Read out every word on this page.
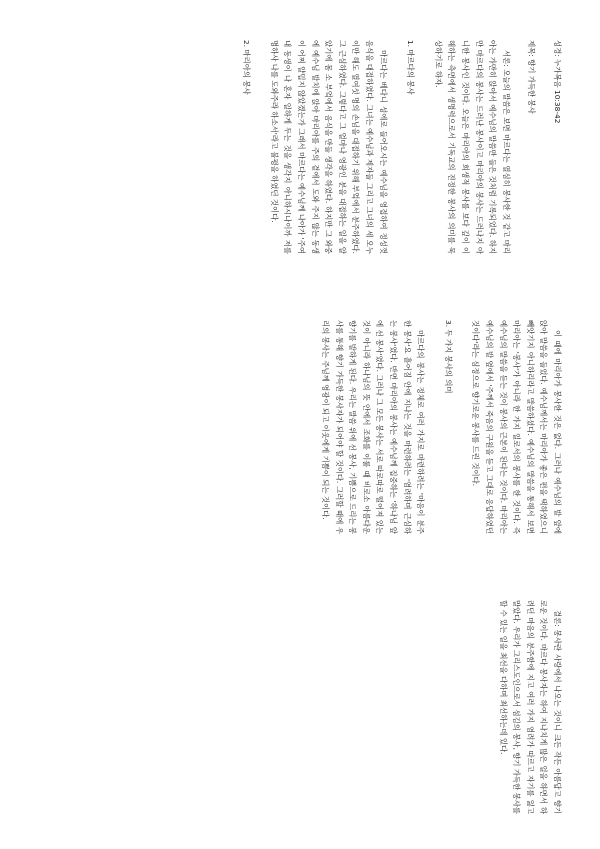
성경: 누가복음 10:38-42

제목: 향기 가득한 봉사

서론: 오늘의 말씀은 보면 마르다는 열심히 봉사한 것 같고 마리아는 가만히 앉아서 예수님의 말씀만 들은 것처럼 기록되었다. 하지만 마르다의 봉사는 드러난 봉사이고 마리아의 봉사는 드러나지 아니한 봉사인 것이다. 오늘은 마리아의 희생적 봉사를 보다 깊이 이해하는 측면에서 생명력으로서 기독교의 진정한 봉사의 의미를 묵상하기로 하자.

1. 마르다의 봉사

마르다는 베다니 성에로 들어오시는 예수님을 영접하여 정성껏 음식을 대접하였다. 그녀는 예수님과 제자들 그리고 그녀의 세 오누이만 해도 열여섯 명의 손님을 대접하기 위해 부엌에서 분주하였다. 그 근심하였다. 그렇다고 그 얼마나 영광인 분을 대접하는 일을 알았기에 몸 소 부엌에서 음식을 만들 생각을 하였다. 하지만 그 와중에 예수님 발치에 앉아 마리아를 주의 곁에서 도와 주지 않는 동생이 어찌 얄밉지 않았겠는가 그래서 마르다는 예수님께 나아가 '주여 내 동생이 나 혼자 일하게 두는 것을 생각지 아니하시나이까 저를 명하사 나를 도와주라 하소서'라고 불평을 하였던 것이다.

2. 마리아의 봉사

이 때에 마리아가 봉사한 것은 없다. 그러나 예수님의 발 앞에 앉아 말씀을 들었다. 예수님께서는 마리아가 좋은 편을 택하였으니 빼앗기지 아니하리라고 말씀하셨다. 예수님의 말씀을 통해서 보면 마리아는 '봉사'가 아니라 한 가지 일로서의 봉사를 한 것이다. 즉 예수님의 말씀을 듣는 것이 봉사의 근본이 된다는 것이다. 마리아는 예수님의 발 옆에서 '주께서 죽음의 구원을 듣고 그대로 응답하였던 것이다'라는 심정으로 향기로운 봉사를 드린 것이다.

3. 두 가지 봉사의 의미

마르다의 봉사는 정체로 여러 가지로 마련하려는 '마음이 분주한 봉사'요 흩어짐 안에 지나는 것을 마련하려는 '염려하며 근심하는 봉사'였다. 반면 마리아의 봉사는 예수님께 집중하는 '하나님 앞에 선 봉사'였다. 그러나 그 모든 봉사는 서로 따로따로 떨어져 있는 것이 아니라 하나님의 뜻 안에서 조화를 이룰 때 비로소 아름다운 향기를 발하게 된다. 우리는 말씀 위에 선 봉사, 기쁨으로 드리는 봉사를 통해 향기 가득한 봉사자가 되어야 할 것이다. 그러할 때에 우리의 봉사는 주님께 영광이 되고 이웃에게 기쁨이 되는 것이다.

결론: 봉사란 사랑에서 나오는 것이니 크든 작든 아름답고 향기로운 것이다. 마르다 봉사자는 하여 지나치게 많은 일을 하면서 하려던 마음의 분주함에 지고 여러 가지 염려가 따르고 자기를 잃고 말았다. 우리가 그리스도인으로서 섬김의 봉사, 향기 가득한 봉사를 할 수 있는 일을 최선을 다하며 최선하는데 있다.
